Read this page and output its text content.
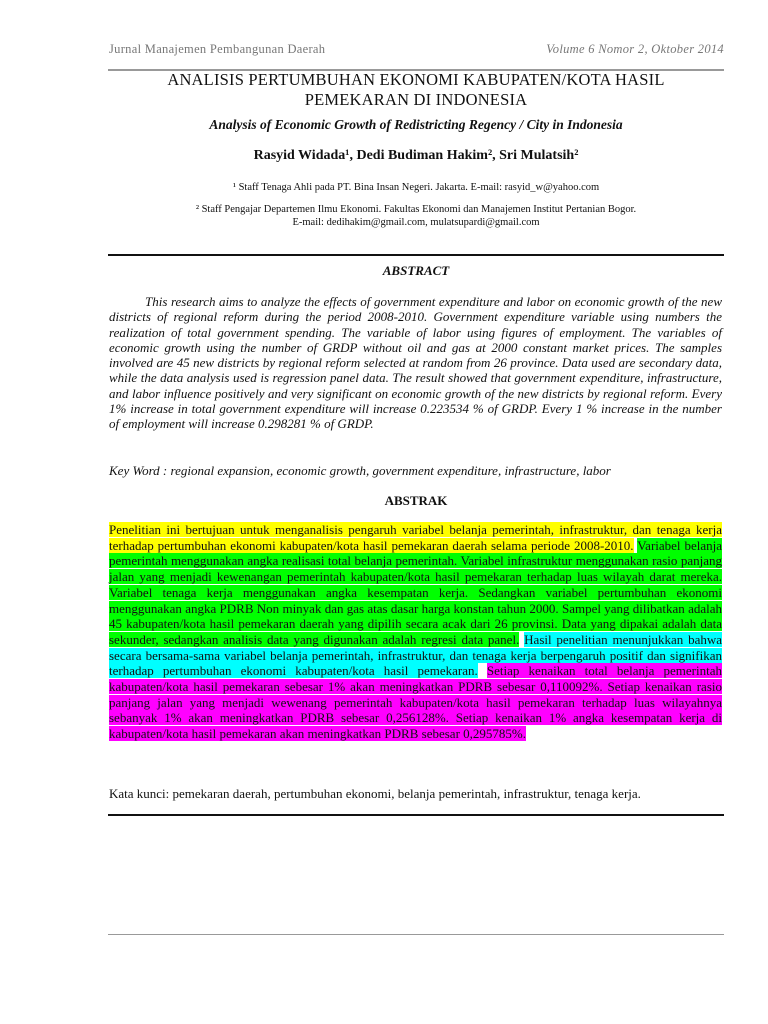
Jurnal Manajemen Pembangunan Daerah	Volume 6 Nomor 2, Oktober 2014
ANALISIS PERTUMBUHAN EKONOMI KABUPATEN/KOTA HASIL
PEMEKARAN DI INDONESIA
Analysis of Economic Growth of Redistricting Regency / City in Indonesia
Rasyid Widada¹, Dedi Budiman Hakim², Sri Mulatsih²
¹ Staff Tenaga Ahli pada PT. Bina Insan Negeri. Jakarta. E-mail: rasyid_w@yahoo.com
² Staff Pengajar Departemen Ilmu Ekonomi. Fakultas Ekonomi dan Manajemen Institut Pertanian Bogor.
E-mail: dedihakim@gmail.com, mulatsupardi@gmail.com
ABSTRACT
This research aims to analyze the effects of government expenditure and labor on economic growth of the new districts of regional reform during the period 2008-2010. Government expenditure variable using numbers the realization of total government spending. The variable of labor using figures of employment. The variables of economic growth using the number of GRDP without oil and gas at 2000 constant market prices. The samples involved are 45 new districts by regional reform selected at random from 26 province. Data used are secondary data, while the data analysis used is regression panel data. The result showed that government expenditure, infrastructure, and labor influence positively and very significant on economic growth of the new districts by regional reform. Every 1% increase in total government expenditure will increase 0.223534 % of GRDP. Every 1 % increase in the number of employment will increase 0.298281 % of GRDP.
Key Word : regional expansion, economic growth, government expenditure, infrastructure, labor
ABSTRAK
Penelitian ini bertujuan untuk menganalisis pengaruh variabel belanja pemerintah, infrastruktur, dan tenaga kerja terhadap pertumbuhan ekonomi kabupaten/kota hasil pemekaran daerah selama periode 2008-2010. Variabel belanja pemerintah menggunakan angka realisasi total belanja pemerintah. Variabel infrastruktur menggunakan rasio panjang jalan yang menjadi kewenangan pemerintah kabupaten/kota hasil pemekaran terhadap luas wilayah darat mereka. Variabel tenaga kerja menggunakan angka kesempatan kerja. Sedangkan variabel pertumbuhan ekonomi menggunakan angka PDRB Non minyak dan gas atas dasar harga konstan tahun 2000. Sampel yang dilibatkan adalah 45 kabupaten/kota hasil pemekaran daerah yang dipilih secara acak dari 26 provinsi. Data yang dipakai adalah data sekunder, sedangkan analisis data yang digunakan adalah regresi data panel. Hasil penelitian menunjukkan bahwa secara bersama-sama variabel belanja pemerintah, infrastruktur, dan tenaga kerja berpengaruh positif dan signifikan terhadap pertumbuhan ekonomi kabupaten/kota hasil pemekaran. Setiap kenaikan total belanja pemerintah kabupaten/kota hasil pemekaran sebesar 1% akan meningkatkan PDRB sebesar 0,110092%. Setiap kenaikan rasio panjang jalan yang menjadi wewenang pemerintah kabupaten/kota hasil pemekaran terhadap luas wilayahnya sebanyak 1% akan meningkatkan PDRB sebesar 0,256128%. Setiap kenaikan 1% angka kesempatan kerja di kabupaten/kota hasil pemekaran akan meningkatkan PDRB sebesar 0,295785%.
Kata kunci: pemekaran daerah, pertumbuhan ekonomi, belanja pemerintah, infrastruktur, tenaga kerja.
